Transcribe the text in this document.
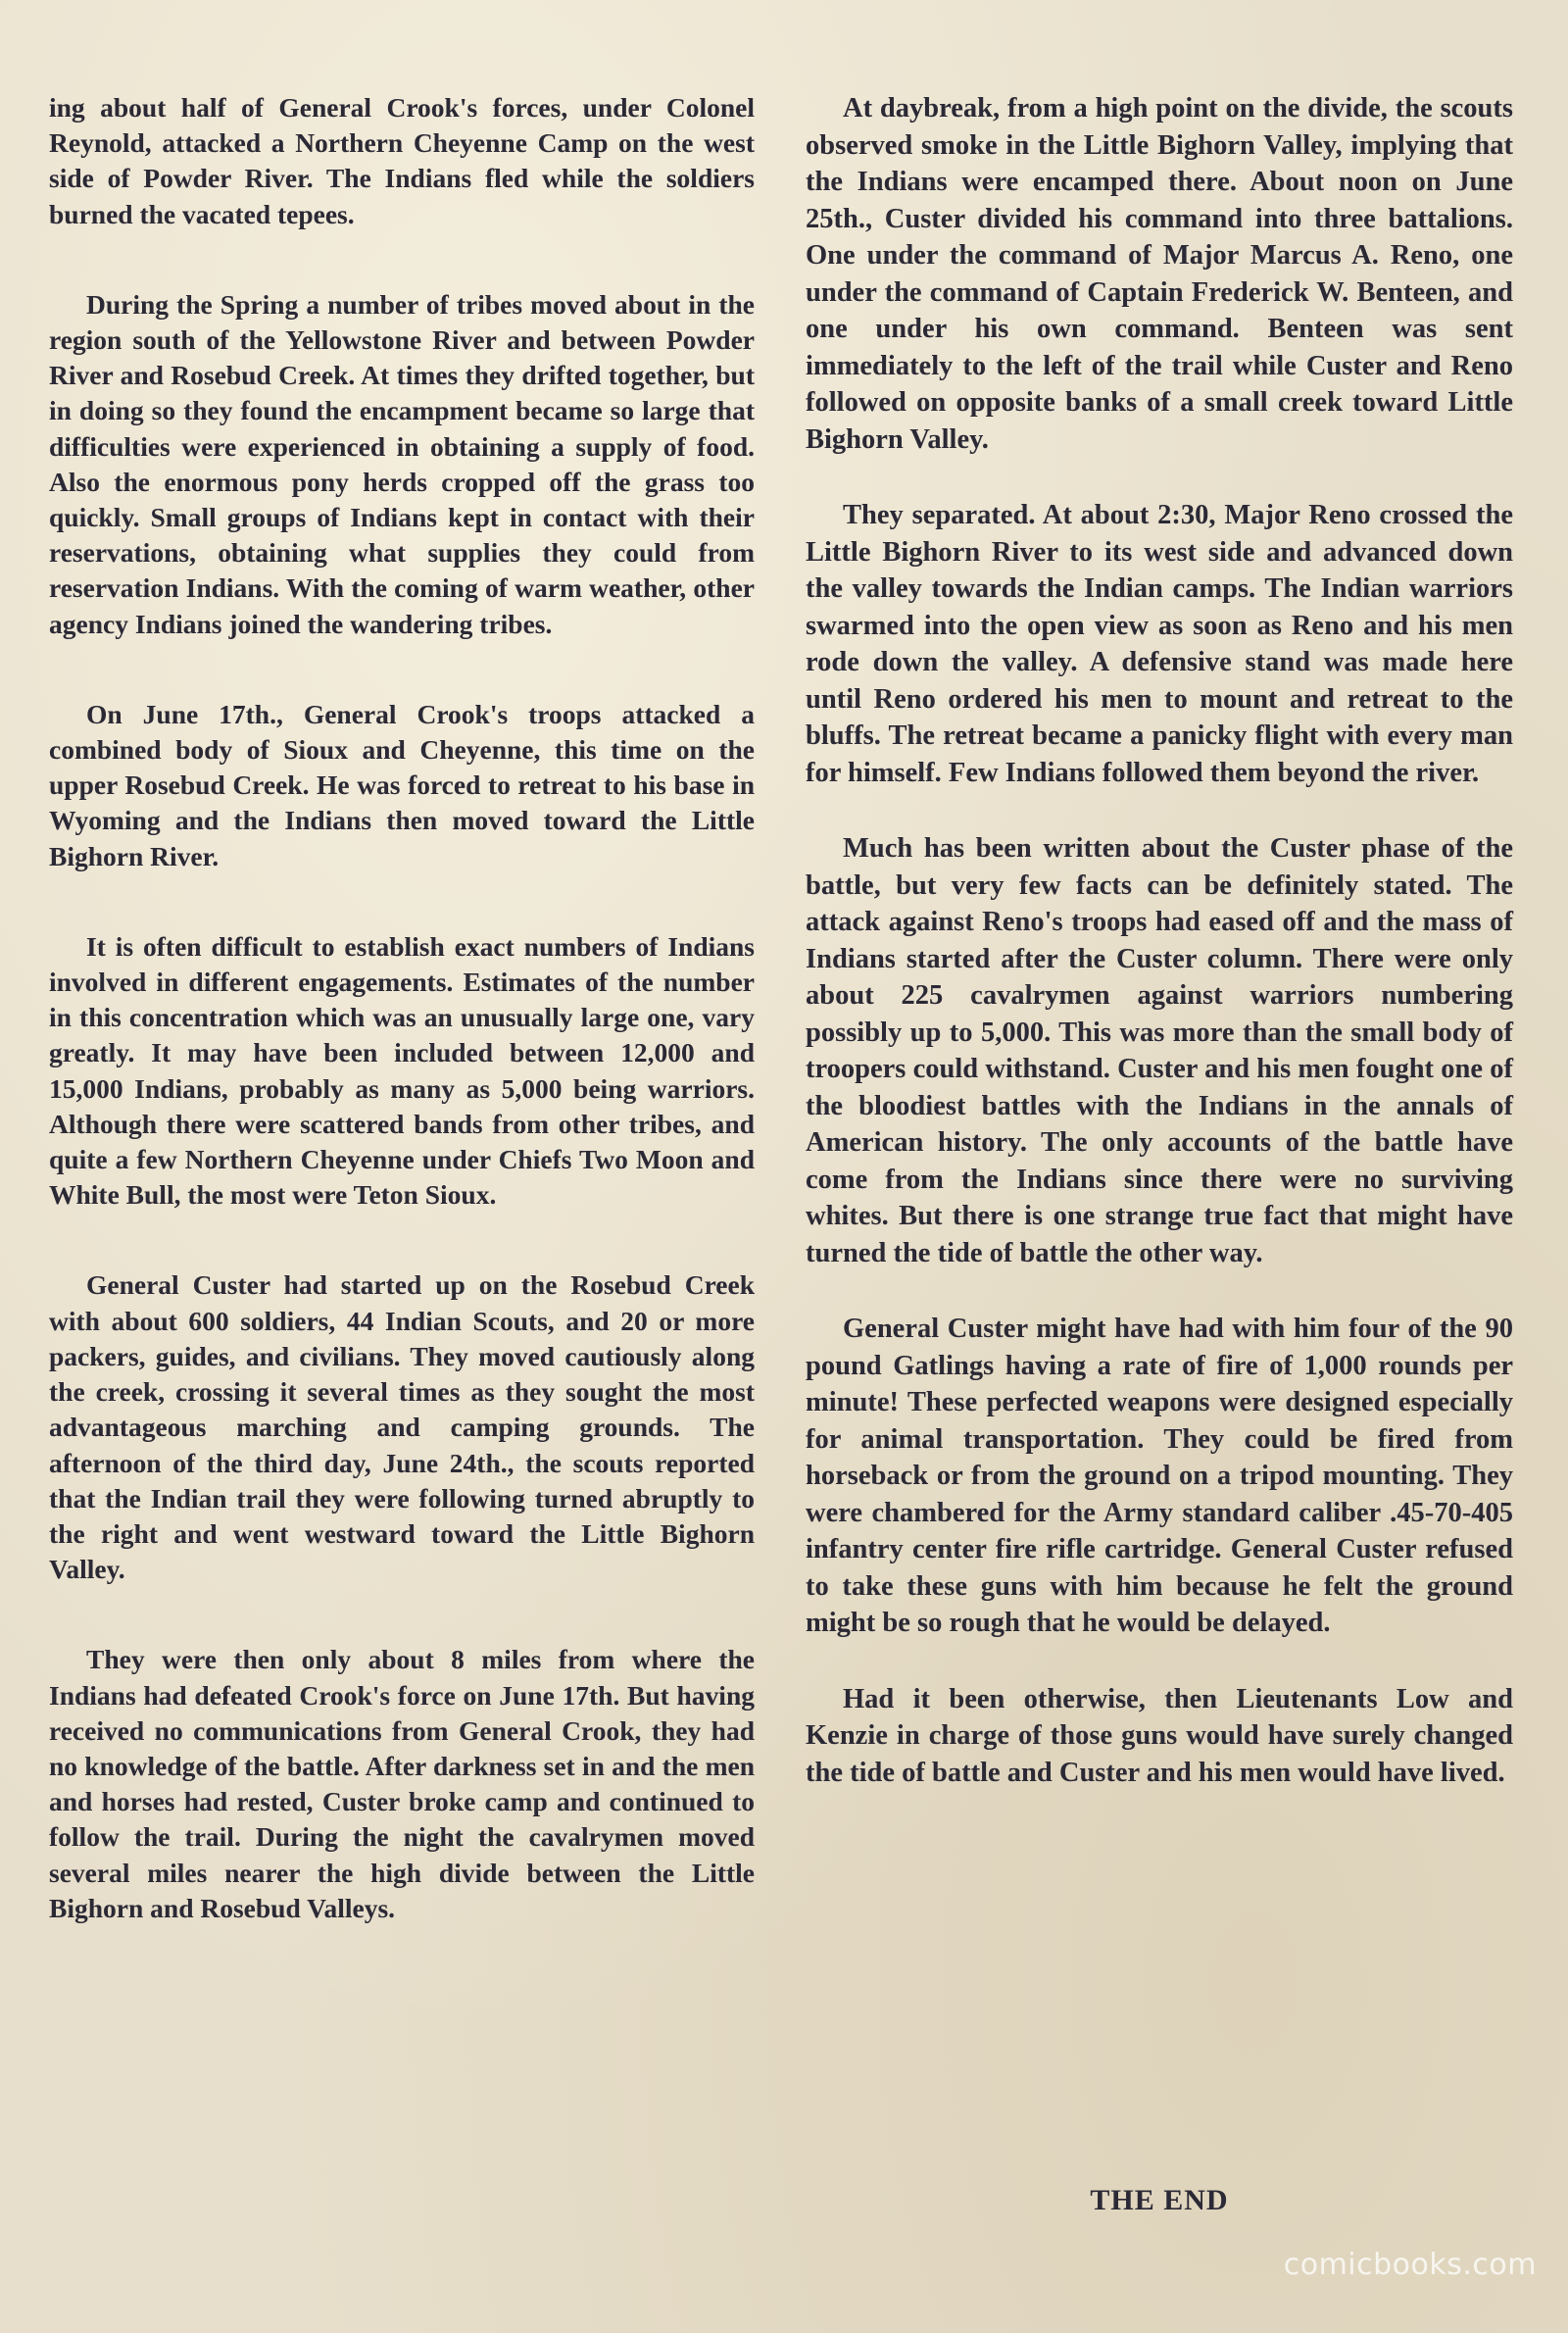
ing about half of General Crook's forces, under Colonel Reynold, attacked a Northern Cheyenne Camp on the west side of Powder River. The Indians fled while the soldiers burned the vacated tepees.

During the Spring a number of tribes moved about in the region south of the Yellowstone River and between Powder River and Rosebud Creek. At times they drifted together, but in doing so they found the encampment became so large that difficulties were experienced in obtaining a supply of food. Also the enormous pony herds cropped off the grass too quickly. Small groups of Indians kept in contact with their reservations, obtaining what supplies they could from reservation Indians. With the coming of warm weather, other agency Indians joined the wandering tribes.

On June 17th., General Crook's troops attacked a combined body of Sioux and Cheyenne, this time on the upper Rosebud Creek. He was forced to retreat to his base in Wyoming and the Indians then moved toward the Little Bighorn River.

It is often difficult to establish exact numbers of Indians involved in different engagements. Estimates of the number in this concentration which was an unusually large one, vary greatly. It may have been included between 12,000 and 15,000 Indians, probably as many as 5,000 being warriors. Although there were scattered bands from other tribes, and quite a few Northern Cheyenne under Chiefs Two Moon and White Bull, the most were Teton Sioux.

General Custer had started up on the Rosebud Creek with about 600 soldiers, 44 Indian Scouts, and 20 or more packers, guides, and civilians. They moved cautiously along the creek, crossing it several times as they sought the most advantageous marching and camping grounds. The afternoon of the third day, June 24th., the scouts reported that the Indian trail they were following turned abruptly to the right and went westward toward the Little Bighorn Valley.

They were then only about 8 miles from where the Indians had defeated Crook's force on June 17th. But having received no communications from General Crook, they had no knowledge of the battle. After darkness set in and the men and horses had rested, Custer broke camp and continued to follow the trail. During the night the cavalrymen moved several miles nearer the high divide between the Little Bighorn and Rosebud Valleys.

At daybreak, from a high point on the divide, the scouts observed smoke in the Little Bighorn Valley, implying that the Indians were encamped there. About noon on June 25th., Custer divided his command into three battalions. One under the command of Major Marcus A. Reno, one under the command of Captain Frederick W. Benteen, and one under his own command. Benteen was sent immediately to the left of the trail while Custer and Reno followed on opposite banks of a small creek toward Little Bighorn Valley.

They separated. At about 2:30, Major Reno crossed the Little Bighorn River to its west side and advanced down the valley towards the Indian camps. The Indian warriors swarmed into the open view as soon as Reno and his men rode down the valley. A defensive stand was made here until Reno ordered his men to mount and retreat to the bluffs. The retreat became a panicky flight with every man for himself. Few Indians followed them beyond the river.

Much has been written about the Custer phase of the battle, but very few facts can be definitely stated. The attack against Reno's troops had eased off and the mass of Indians started after the Custer column. There were only about 225 cavalrymen against warriors numbering possibly up to 5,000. This was more than the small body of troopers could withstand. Custer and his men fought one of the bloodiest battles with the Indians in the annals of American history. The only accounts of the battle have come from the Indians since there were no surviving whites. But there is one strange true fact that might have turned the tide of battle the other way.

General Custer might have had with him four of the 90 pound Gatlings having a rate of fire of 1,000 rounds per minute! These perfected weapons were designed especially for animal transportation. They could be fired from horseback or from the ground on a tripod mounting. They were chambered for the Army standard caliber .45-70-405 infantry center fire rifle cartridge. General Custer refused to take these guns with him because he felt the ground might be so rough that he would be delayed.

Had it been otherwise, then Lieutenants Low and Kenzie in charge of those guns would have surely changed the tide of battle and Custer and his men would have lived.

THE END
comicbooks.com
